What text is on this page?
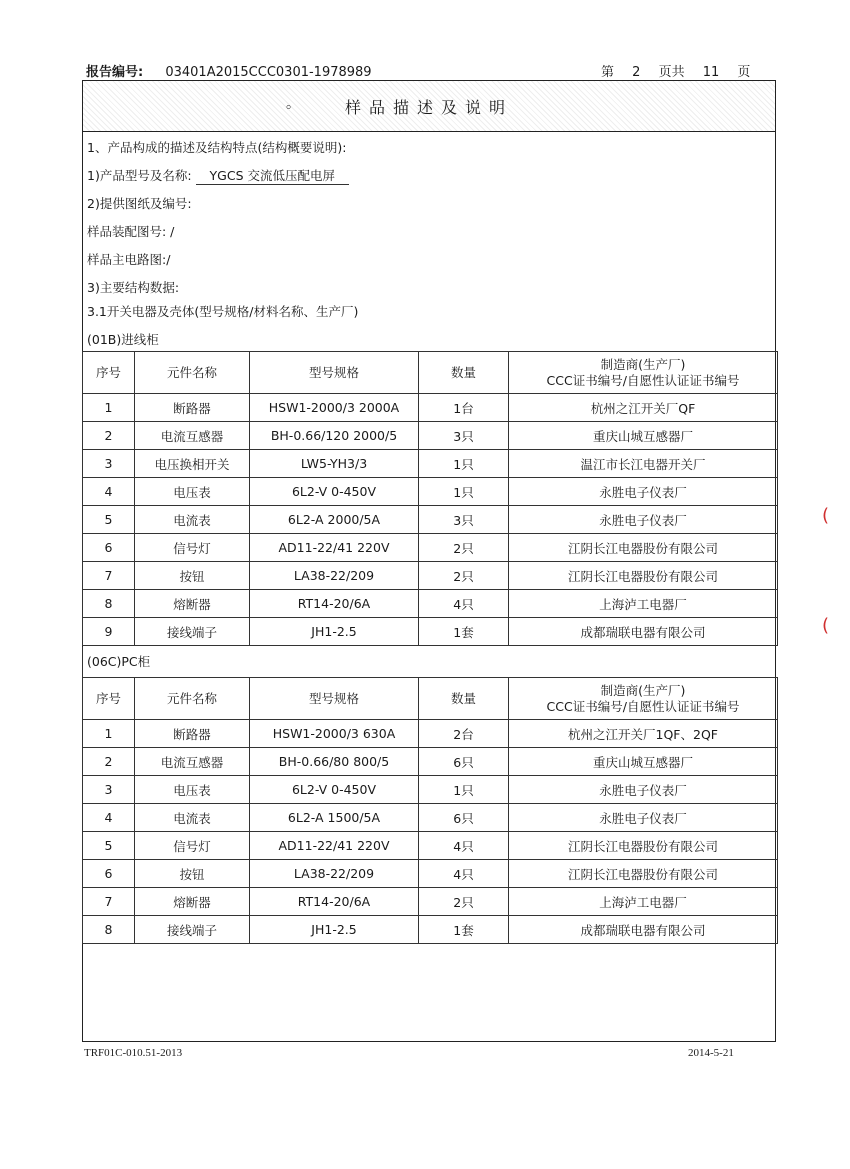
报告编号: 03401A2015CCC0301-1978989	第 2 页共 11 页
。	样品描述及说明
1、产品构成的描述及结构特点(结构概要说明):
1)产品型号及名称: YGCS 交流低压配电屏
2)提供图纸及编号:
样品装配图号: /
样品主电路图:/
3)主要结构数据:
3.1开关电器及壳体(型号规格/材料名称、生产厂)
(01B)进线柜
序号	元件名称	型号规格	数量	制造商(生产厂)
CCC证书编号/自愿性认证证书编号

1	断路器	HSW1-2000/3 2000A	1台	杭州之江开关厂QF
2	电流互感器	BH-0.66/120 2000/5	3只	重庆山城互感器厂
3	电压换相开关	LW5-YH3/3	1只	温江市长江电器开关厂
4	电压表	6L2-V 0-450V	1只	永胜电子仪表厂
5	电流表	6L2-A 2000/5A	3只	永胜电子仪表厂
6	信号灯	AD11-22/41 220V	2只	江阴长江电器股份有限公司
7	按钮	LA38-22/209	2只	江阴长江电器股份有限公司
8	熔断器	RT14-20/6A	4只	上海泸工电器厂
9	接线端子	JH1-2.5	1套	成都瑞联电器有限公司
(06C)PC柜
序号	元件名称	型号规格	数量	制造商(生产厂)
CCC证书编号/自愿性认证证书编号

1	断路器	HSW1-2000/3 630A	2台	杭州之江开关厂1QF、2QF
2	电流互感器	BH-0.66/80 800/5	6只	重庆山城互感器厂
3	电压表	6L2-V 0-450V	1只	永胜电子仪表厂
4	电流表	6L2-A 1500/5A	6只	永胜电子仪表厂
5	信号灯	AD11-22/41 220V	4只	江阴长江电器股份有限公司
6	按钮	LA38-22/209	4只	江阴长江电器股份有限公司
7	熔断器	RT14-20/6A	2只	上海泸工电器厂
8	接线端子	JH1-2.5	1套	成都瑞联电器有限公司
(
(
TRF01C-010.51-2013	2014-5-21
